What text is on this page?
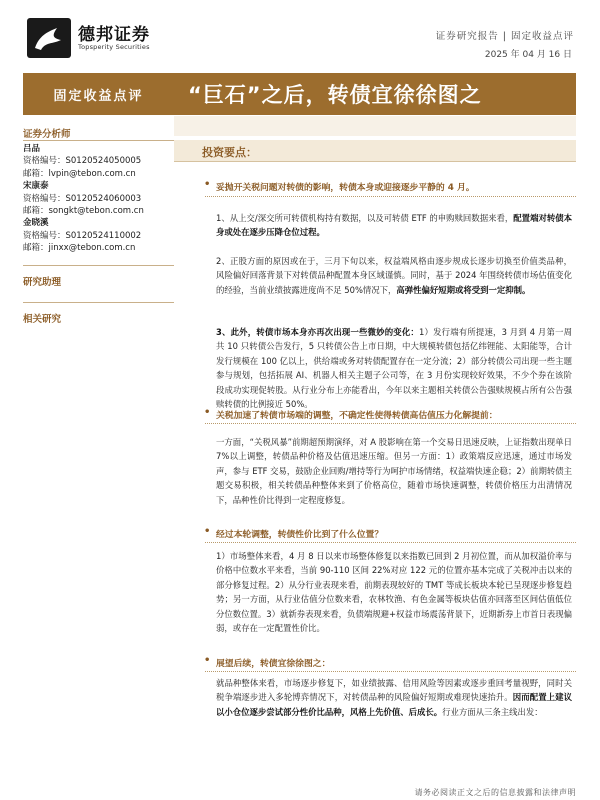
德邦证券
Topsperity Securities
证券研究报告 | 固定收益点评
2025 年 04 月 16 日
固定收益点评	“巨石”之后，转债宜徐徐图之
证券分析师
吕品
资格编号：S0120524050005
邮箱：lvpin@tebon.com.cn
宋康泰
资格编号：S0120524060003
邮箱：songkt@tebon.com.cn
金晓溪
资格编号：S0120524110002
邮箱：jinxx@tebon.com.cn
研究助理
相关研究
投资要点：
• 妥抛开关税问题对转债的影响，转债本身或迎接逐步平静的 4 月。
1、从上交/深交所可转债机构持有数据，以及可转债 ETF 的申购赎回数据来看，配置端对转债本身或处在逐步压降仓位过程。
2、正股方面的原因或在于，三月下旬以来，权益端风格由逐步规成长逐步切换至价值类品种，风险偏好回落背景下对转债品种配置本身区域谨慎。同时，基于 2024 年围绕转债市场估值变化的经验，当前业绩披露进度尚不足 50%情况下，高弹性偏好短期或将受到一定抑制。
3、此外，转债市场本身亦再次出现一些微妙的变化：1）发行端有所提速，3 月到 4 月第一周共 10 只转债公告发行，5 只转债公告上市日期，中大规模转债包括亿纬锂能、太阳能等，合计发行规模在 100 亿以上，供给端或务对转债配置存在一定分流；2）部分转债公司出现一些主题参与规划，包括拓展 AI、机器人相关主题子公司等，在 3 月份实现较好效果，不少个券在该阶段成功实现促转股。从行业分布上亦能看出，今年以来主题相关转债公告强赎规模占所有公告强赎转债的比例接近 50%。
• 关税加速了转债市场端的调整，不确定性使得转债高估值压力化解提前：
一方面，“关税风暴”前期超预期演绎，对 A 股影响在第一个交易日迅速反映，上证指数出现单日 7%以上调整，转债品种价格及估值迅速压缩。但另一方面：1）政策端反应迅速，通过市场发声，参与 ETF 交易，鼓励企业回购/增持等行为呵护市场情绪，权益端快速企稳；2）前期转债主题交易积极，相关转债品种整体来到了价格高位，随着市场快速调整，转债价格压力出清情况下，品种性价比得到一定程度修复。
• 经过本轮调整，转债性价比到了什么位置？
1）市场整体来看，4 月 8 日以来市场整体修复以来指数已回到 2 月初位置，而从加权溢价率与价格中位数水平来看，当前 90-110 区间 22%对应 122 元的位置亦基本完成了关税冲击以来的部分修复过程。2）从分行业表现来看，前期表现较好的 TMT 等成长板块本轮已呈现逐步修复趋势；另一方面，从行业估值分位数来看，农林牧渔、有色金属等板块估值亦回落至区间估值低位分位数位置。3）就新券表现来看，负债端规避+权益市场震荡背景下，近期新券上市首日表现偏弱，或存在一定配置性价比。
• 展望后续，转债宜徐徐图之：
就品种整体来看，市场逐步修复下，如业绩披露、信用风险等因素或逐步重回考量视野，同时关税争端逐步进入多轮博弈情况下，对转债品种的风险偏好短期或难现快速抬升。因而配置上建议以小仓位逐步尝试部分性价比品种，风格上先价值、后成长。行业方面从三条主线出发：
请务必阅读正文之后的信息披露和法律声明
